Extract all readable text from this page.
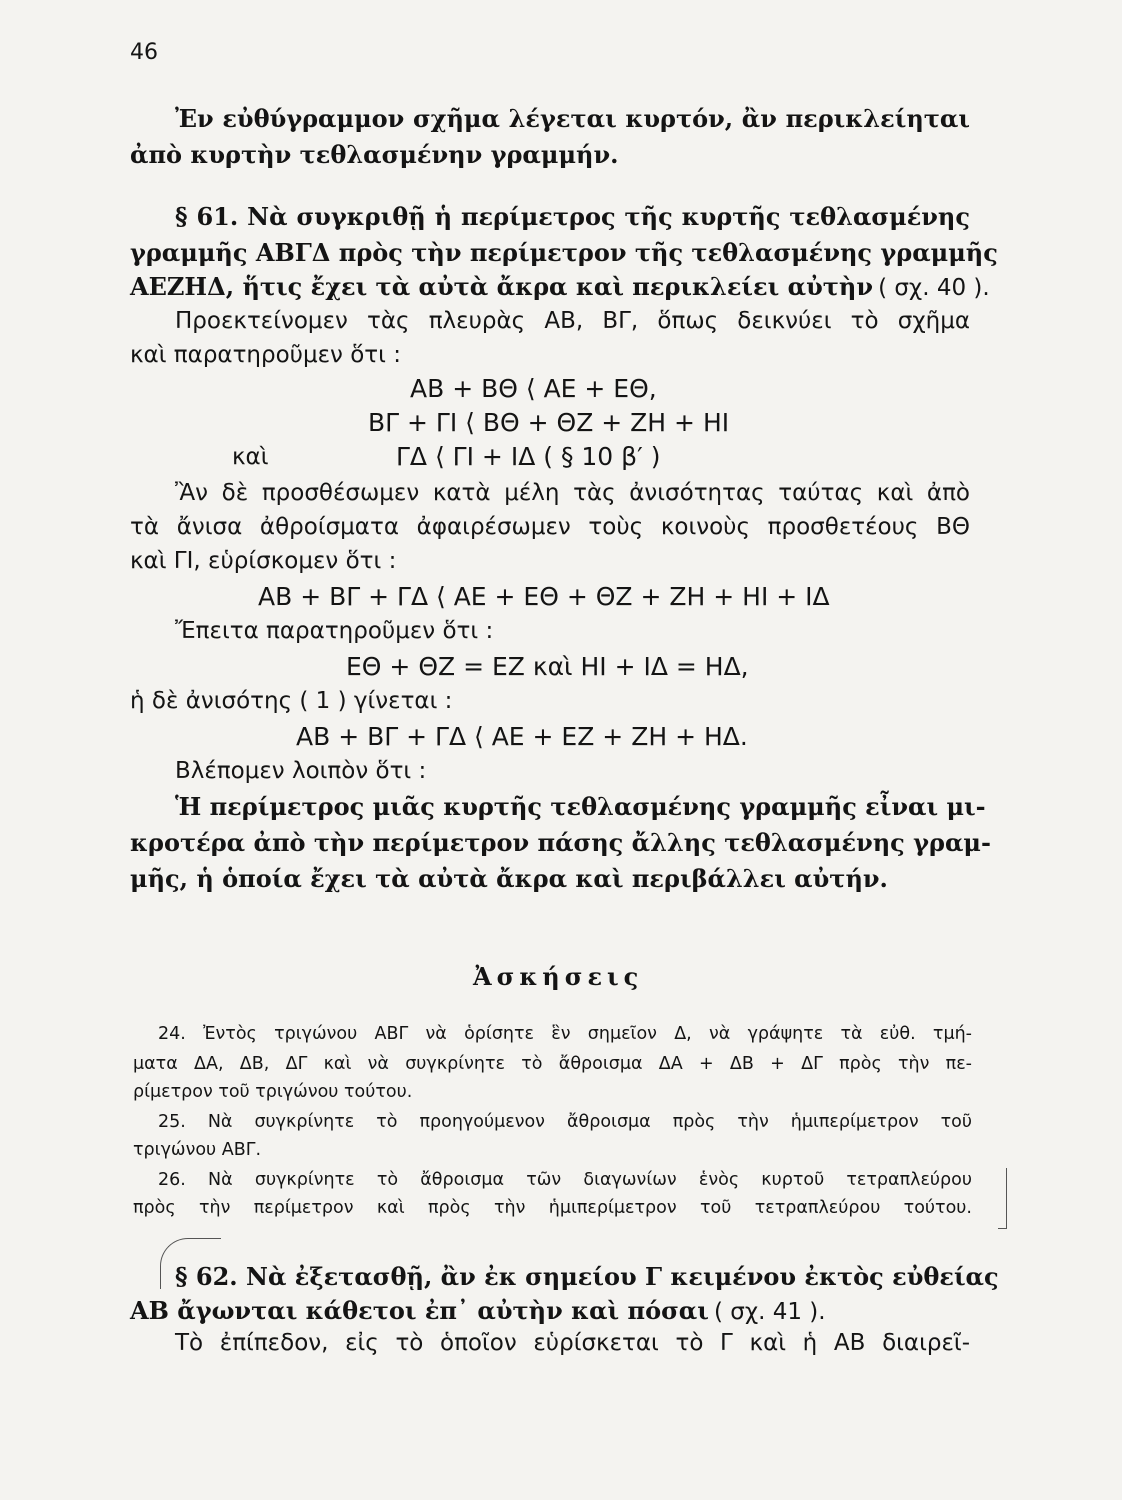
46
Ἐν εὐθύγραμμον σχῆμα λέγεται κυρτόν, ἂν περικλείηται
ἀπὸ κυρτὴν τεθλασμένην γραμμήν.
§ 61. Νὰ συγκριθῇ ἡ περίμετρος τῆς κυρτῆς τεθλασμένης
γραμμῆς ΑΒΓΔ πρὸς τὴν περίμετρον τῆς τεθλασμένης γραμμῆς
ΑΕΖΗΔ, ἥτις ἔχει τὰ αὐτὰ ἄκρα καὶ περικλείει αὐτὴν ( σχ. 40 ).
Προεκτείνομεν τὰς πλευρὰς ΑΒ, ΒΓ, ὅπως δεικνύει τὸ σχῆμα
καὶ παρατηροῦμεν ὅτι :
ΑΒ + ΒΘ ⟨ ΑΕ + ΕΘ,
ΒΓ + ΓΙ ⟨ ΒΘ + ΘΖ + ΖΗ + ΗΙ
καὶ	ΓΔ ⟨ ΓΙ + ΙΔ ( § 10 β′ )
Ἂν δὲ προσθέσωμεν κατὰ μέλη τὰς ἀνισότητας ταύτας καὶ ἀπὸ
τὰ ἄνισα ἀθροίσματα ἀφαιρέσωμεν τοὺς κοινοὺς προσθετέους ΒΘ
καὶ ΓΙ, εὑρίσκομεν ὅτι :
ΑΒ + ΒΓ + ΓΔ ⟨ ΑΕ + ΕΘ + ΘΖ + ΖΗ + ΗΙ + ΙΔ
Ἔπειτα παρατηροῦμεν ὅτι :
ΕΘ + ΘΖ = ΕΖ καὶ ΗΙ + ΙΔ = ΗΔ,
ἡ δὲ ἀνισότης ( 1 ) γίνεται :
ΑΒ + ΒΓ + ΓΔ ⟨ ΑΕ + ΕΖ + ΖΗ + ΗΔ.
Βλέπομεν λοιπὸν ὅτι :
Ἡ περίμετρος μιᾶς κυρτῆς τεθλασμένης γραμμῆς εἶναι μι-
κροτέρα ἀπὸ τὴν περίμετρον πάσης ἄλλης τεθλασμένης γραμ-
μῆς, ἡ ὁποία ἔχει τὰ αὐτὰ ἄκρα καὶ περιβάλλει αὐτήν.
Ἀσκήσεις
24. Ἐντὸς τριγώνου ΑΒΓ νὰ ὁρίσητε ἓν σημεῖον Δ, νὰ γράψητε τὰ εὐθ. τμή-
ματα ΔΑ, ΔΒ, ΔΓ καὶ νὰ συγκρίνητε τὸ ἄθροισμα ΔΑ + ΔΒ + ΔΓ πρὸς τὴν πε-
ρίμετρον τοῦ τριγώνου τούτου.
25. Νὰ συγκρίνητε τὸ προηγούμενον ἄθροισμα πρὸς τὴν ἡμιπερίμετρον τοῦ
τριγώνου ΑΒΓ.
26. Νὰ συγκρίνητε τὸ ἄθροισμα τῶν διαγωνίων ἑνὸς κυρτοῦ τετραπλεύρου
πρὸς τὴν περίμετρον καὶ πρὸς τὴν ἡμιπερίμετρον τοῦ τετραπλεύρου τούτου.
§ 62. Νὰ ἐξετασθῇ, ἂν ἐκ σημείου Γ κειμένου ἐκτὸς εὐθείας
ΑΒ ἄγωνται κάθετοι ἐπ᾽ αὐτὴν καὶ πόσαι ( σχ. 41 ).
Τὸ ἐπίπεδον, εἰς τὸ ὁποῖον εὑρίσκεται τὸ Γ καὶ ἡ ΑΒ διαιρεῖ-
